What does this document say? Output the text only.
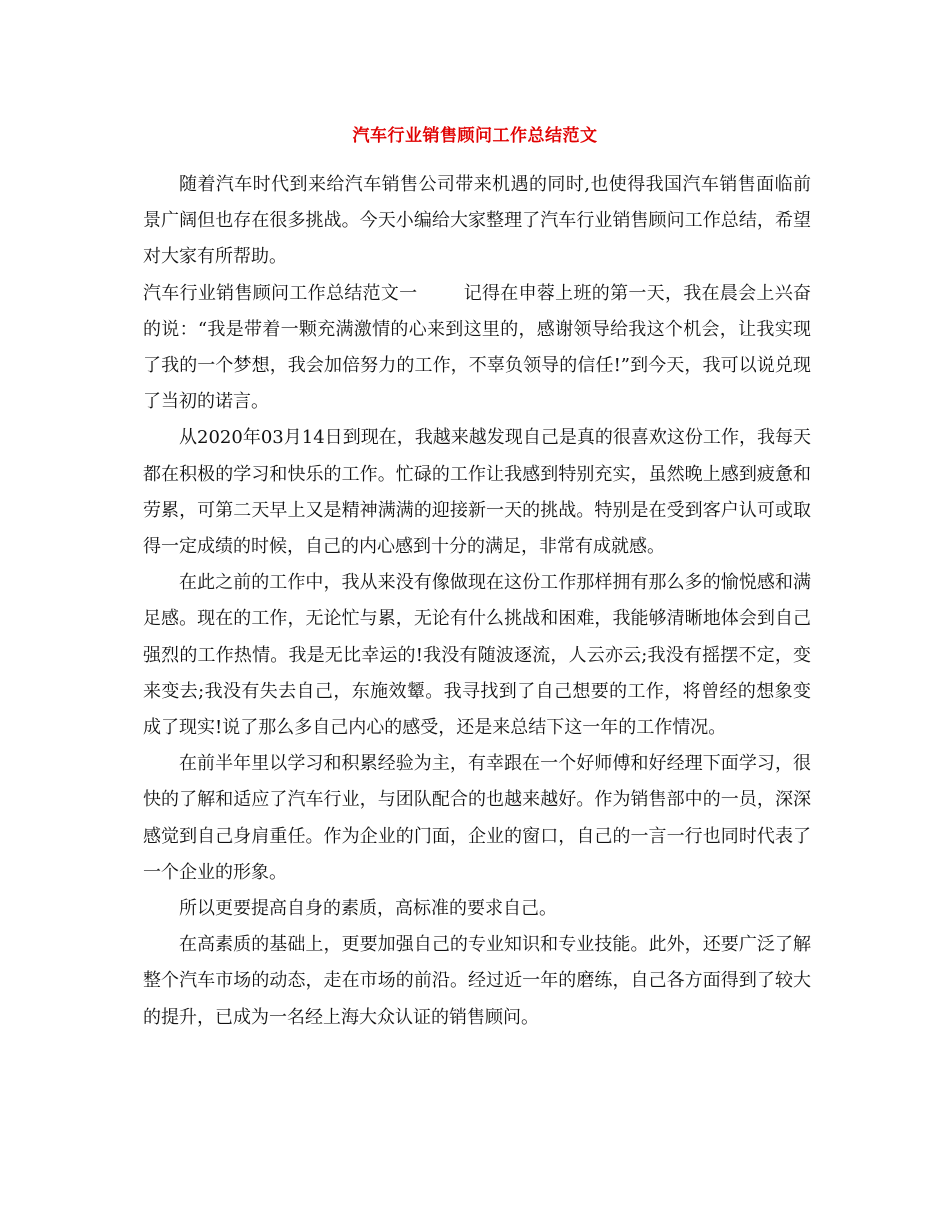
汽车行业销售顾问工作总结范文

随着汽车时代到来给汽车销售公司带来机遇的同时,也使得我国汽车销售面临前景广阔但也存在很多挑战。今天小编给大家整理了汽车行业销售顾问工作总结，希望对大家有所帮助。

汽车行业销售顾问工作总结范文一	记得在申蓉上班的第一天，我在晨会上兴奋的说：“我是带着一颗充满激情的心来到这里的，感谢领导给我这个机会，让我实现了我的一个梦想，我会加倍努力的工作，不辜负领导的信任!”到今天，我可以说兑现了当初的诺言。

从2020年03月14日到现在，我越来越发现自己是真的很喜欢这份工作，我每天都在积极的学习和快乐的工作。忙碌的工作让我感到特别充实，虽然晚上感到疲惫和劳累，可第二天早上又是精神满满的迎接新一天的挑战。特别是在受到客户认可或取得一定成绩的时候，自己的内心感到十分的满足，非常有成就感。

在此之前的工作中，我从来没有像做现在这份工作那样拥有那么多的愉悦感和满足感。现在的工作，无论忙与累，无论有什么挑战和困难，我能够清晰地体会到自己强烈的工作热情。我是无比幸运的!我没有随波逐流，人云亦云;我没有摇摆不定，变来变去;我没有失去自己，东施效颦。我寻找到了自己想要的工作，将曾经的想象变成了现实!说了那么多自己内心的感受，还是来总结下这一年的工作情况。

在前半年里以学习和积累经验为主，有幸跟在一个好师傅和好经理下面学习，很快的了解和适应了汽车行业，与团队配合的也越来越好。作为销售部中的一员，深深感觉到自己身肩重任。作为企业的门面，企业的窗口，自己的一言一行也同时代表了一个企业的形象。

所以更要提高自身的素质，高标准的要求自己。

在高素质的基础上，更要加强自己的专业知识和专业技能。此外，还要广泛了解整个汽车市场的动态，走在市场的前沿。经过近一年的磨练，自己各方面得到了较大的提升，已成为一名经上海大众认证的销售顾问。
